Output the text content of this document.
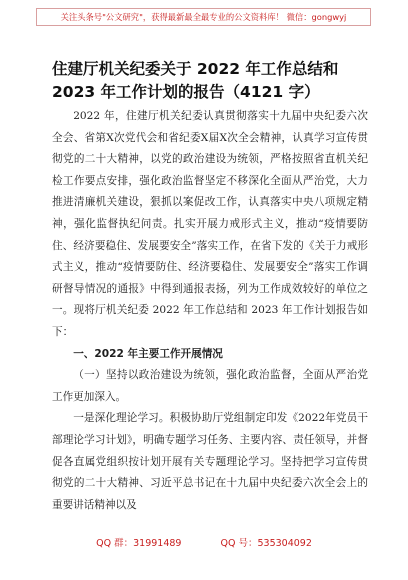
关注头条号"公文研究"，获得最新最全最专业的公文资料库！ 微信：gongwyj
住建厅机关纪委关于 2022 年工作总结和
2023 年工作计划的报告（4121 字）

2022 年，住建厅机关纪委认真贯彻落实十九届中央纪委六次全会、省第X次党代会和省纪委X届X次全会精神，认真学习宣传贯彻党的二十大精神，以党的政治建设为统领，严格按照省直机关纪检工作要点安排，强化政治监督坚定不移深化全面从严治党，大力推进清廉机关建设，狠抓以案促改工作，认真落实中央八项规定精神，强化监督执纪问责。扎实开展力戒形式主义，推动“疫情要防住、经济要稳住、发展要安全”落实工作，在省下发的《关于力戒形式主义，推动“疫情要防住、经济要稳住、发展要安全”落实工作调研督导情况的通报》中得到通报表扬，列为工作成效较好的单位之一。现将厅机关纪委 2022 年工作总结和 2023 年工作计划报告如下：

一、2022 年主要工作开展情况

（一）坚持以政治建设为统领，强化政治监督，全面从严治党工作更加深入。

一是深化理论学习。积极协助厅党组制定印发《2022年党员干部理论学习计划》，明确专题学习任务、主要内容、责任领导，并督促各直属党组织按计划开展有关专题理论学习。坚持把学习宣传贯彻党的二十大精神、习近平总书记在十九届中央纪委六次全会上的重要讲话精神以及

QQ 群：31991489	QQ 号：535304092
